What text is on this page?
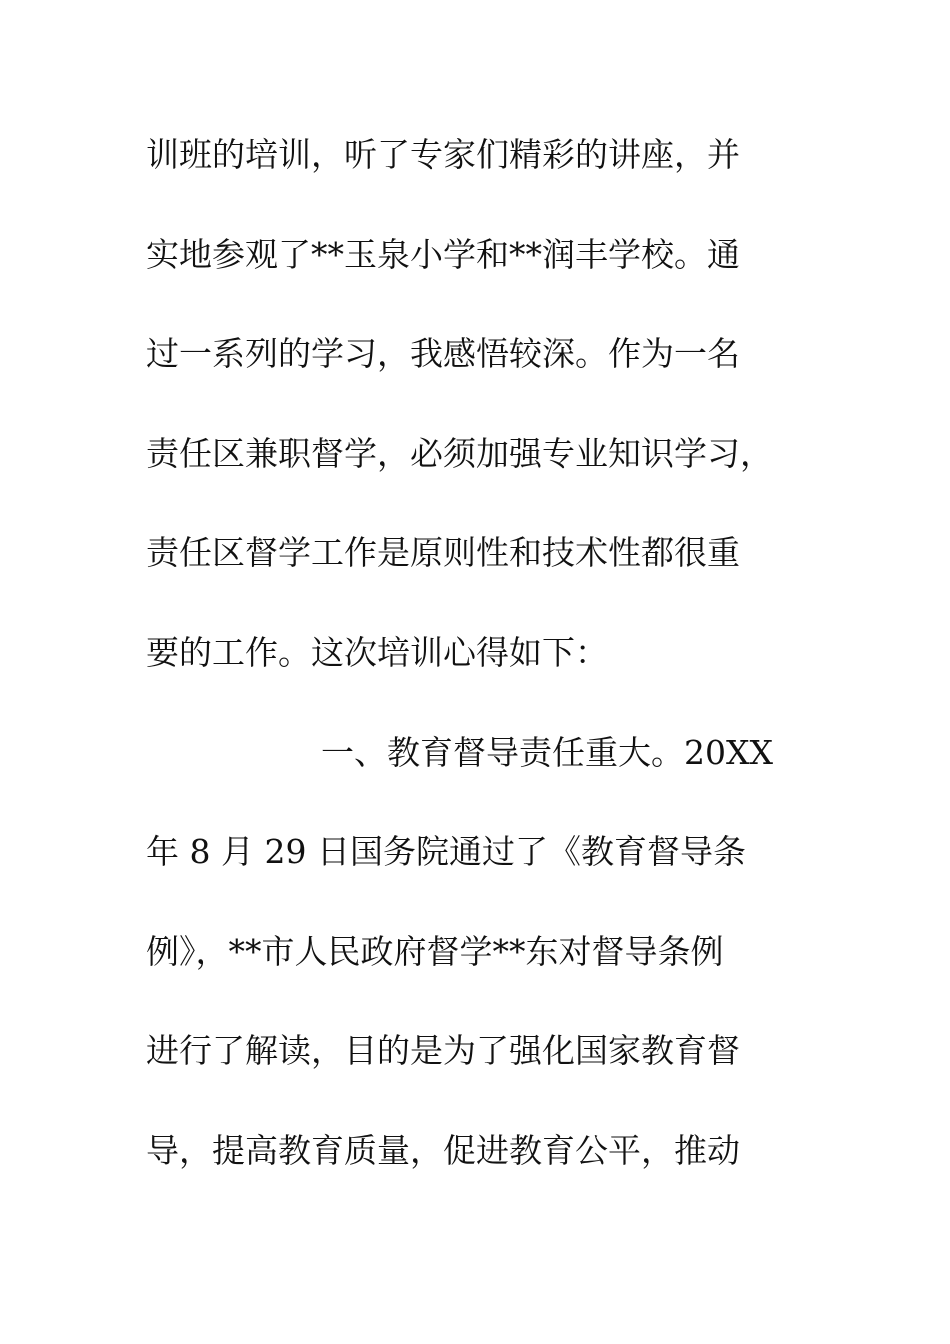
训班的培训，听了专家们精彩的讲座，并
实地参观了**玉泉小学和**润丰学校。通
过一系列的学习，我感悟较深。作为一名
责任区兼职督学，必须加强专业知识学习，
责任区督学工作是原则性和技术性都很重
要的工作。这次培训心得如下：
一、教育督导责任重大。20XX
年 8 月 29 日国务院通过了《教育督导条
例》，**市人民政府督学**东对督导条例
进行了解读，目的是为了强化国家教育督
导，提高教育质量，促进教育公平，推动
